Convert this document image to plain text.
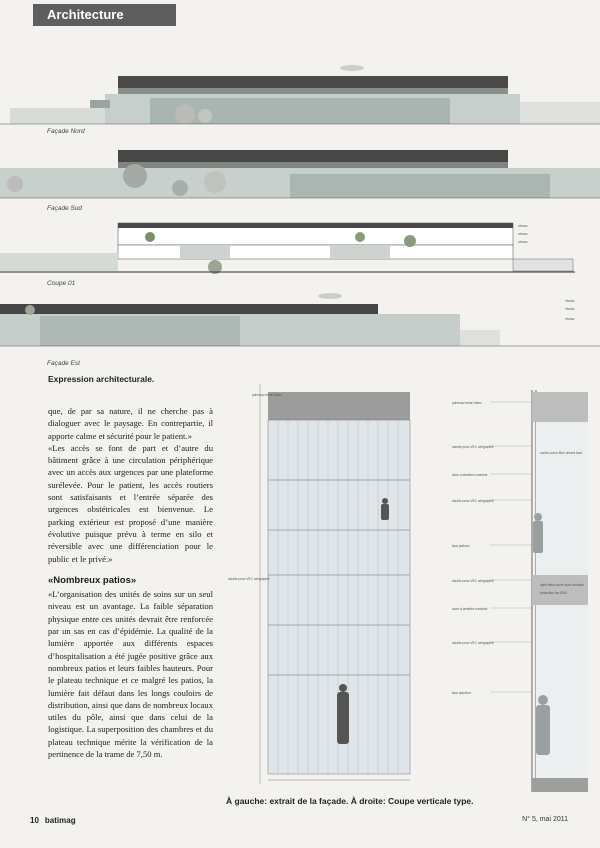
Architecture
Façade Nord
Façade Sud
niveau
niveau
niveau
Coupe 01
niveau
niveau
niveau
Façade Est
Expression architecturale.

que, de par sa nature, il ne cherche pas à dialoguer avec le paysage. En contrepartie, il apporte calme et sécurité pour le patient.»

«Les accès se font de part et d’autre du bâtiment grâce à une circulation périphérique avec un accès aux urgences par une plateforme surélevée. Pour le patient, les accès routiers sont satisfaisants et l’entrée séparée des urgences obstétricales est bienvenue. Le parking extérieur est proposé d’une manière évolutive puisque prévu à terme en silo et réversible avec une différenciation pour le public et le privé.»

«Nombreux patios»

«L’organisation des unités de soins sur un seul niveau est un avantage. La faible séparation physique entre ces unités devrait être renforcée par un sas en cas d’épidémie. La qualité de la lumière apportée aux différents espaces d’hospitalisation a été jugée positive grâce aux nombreux patios et leurs faibles hauteurs. Pour le plateau technique et ce malgré les patios, la lumière fait défaut dans les longs couloirs de distribution, ainsi que dans de nombreux locaux utiles du pôle, ainsi que dans celui de la logistique. La superposition des chambres et du plateau technique mérite la vérification de la pertinence de la trame de 7,50 m.

panneau béton blanc
double peau VEC sérigraphié
panneau béton blanc
double peau VEC sérigraphié
store à lamelles motorisé
double peau VEC sérigraphié
faux plafond
double peau VEC sérigraphié
store à lamelles motorisé
double peau VEC sérigraphié
faux plancher
contre-coeur fibre ciment face
dalle béton armé avec isolation
protection feu EI60
À gauche: extrait de la façade. À droite: Coupe verticale type.
10 batimag	N° 5, mai 2011
